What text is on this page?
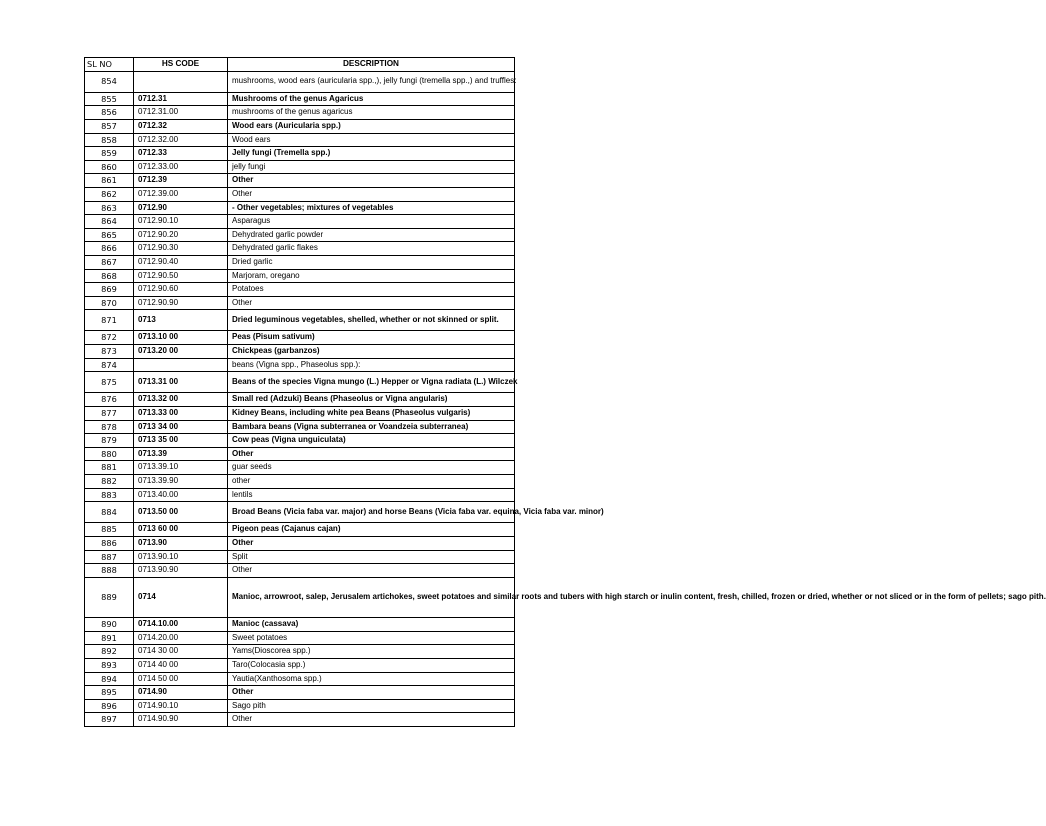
SL NO	HS CODE	DESCRIPTION
854		mushrooms, wood ears (auricularia spp.,), jelly fungi (tremella spp.,) and truffles:
855	0712.31	Mushrooms of the genus Agaricus
856	0712.31.00	mushrooms of the genus agaricus
857	0712.32	Wood ears (Auricularia spp.)
858	0712.32.00	Wood ears
859	0712.33	Jelly fungi (Tremella spp.)
860	0712.33.00	jelly fungi
861	0712.39	Other
862	0712.39.00	Other
863	0712.90	- Other vegetables; mixtures of vegetables
864	0712.90.10	Asparagus
865	0712.90.20	Dehydrated garlic powder
866	0712.90.30	Dehydrated garlic flakes
867	0712.90.40	Dried garlic
868	0712.90.50	Marjoram, oregano
869	0712.90.60	Potatoes
870	0712.90.90	Other
871	0713	Dried leguminous vegetables, shelled, whether or not skinned or split.
872	0713.10 00	Peas (Pisum sativum)
873	0713.20 00	Chickpeas (garbanzos)
874		beans (Vigna spp., Phaseolus spp.):
875	0713.31 00	Beans of the species Vigna mungo (L.) Hepper or Vigna radiata (L.) Wilczek
876	0713.32 00	Small red (Adzuki) Beans (Phaseolus or Vigna angularis)
877	0713.33 00	Kidney Beans, including white pea Beans (Phaseolus vulgaris)
878	0713 34 00	Bambara beans (Vigna subterranea or Voandzeia subterranea)
879	0713 35 00	Cow peas (Vigna unguiculata)
880	0713.39	Other
881	0713.39.10	guar seeds
882	0713.39.90	other
883	0713.40.00	lentils
884	0713.50 00	Broad Beans (Vicia faba var. major) and horse Beans (Vicia faba var. equina, Vicia faba var. minor)
885	0713 60 00	Pigeon peas (Cajanus cajan)
886	0713.90	Other
887	0713.90.10	Split
888	0713.90.90	Other
889	0714	Manioc, arrowroot, salep, Jerusalem artichokes, sweet potatoes and similar roots and tubers with high starch or inulin content, fresh, chilled, frozen or dried, whether or not sliced or in the form of pellets; sago pith.
890	0714.10.00	Manioc (cassava)
891	0714.20.00	Sweet potatoes
892	0714 30 00	Yams(Dioscorea spp.)
893	0714 40 00	Taro(Colocasia spp.)
894	0714 50 00	Yautia(Xanthosoma spp.)
895	0714.90	Other
896	0714.90.10	Sago pith
897	0714.90.90	Other
